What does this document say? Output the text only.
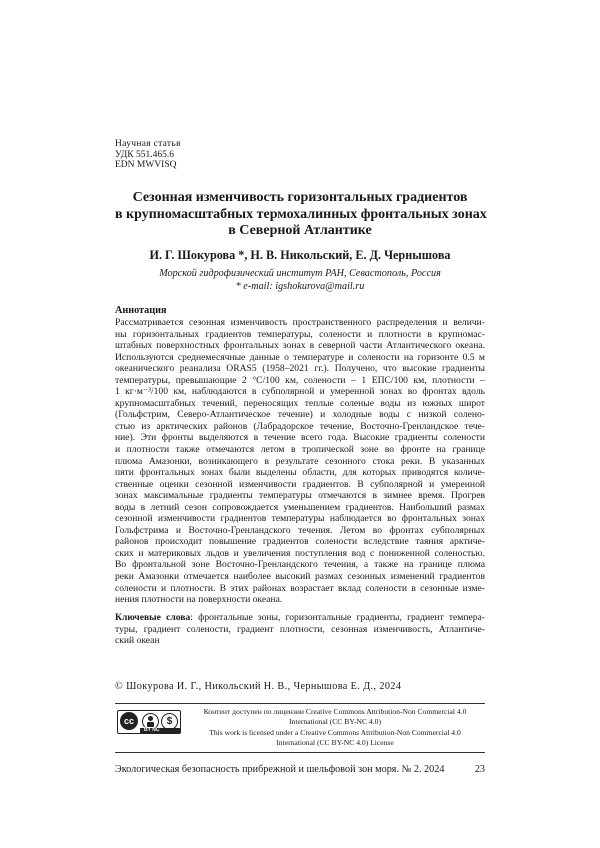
Научная статья
УДК 551.465.6
EDN MWVISQ
Сезонная изменчивость горизонтальных градиентов
в крупномасштабных термохалинных фронтальных зонах
в Северной Атлантике
И. Г. Шокурова *, Н. В. Никольский, Е. Д. Чернышова
Морской гидрофизический институт РАН, Севастополь, Россия
* e-mail: igshokurova@mail.ru
Аннотация
Рассматривается сезонная изменчивость пространственного распределения и величи-
ны горизонтальных градиентов температуры, солености и плотности в крупномас-
штабных поверхностных фронтальных зонах в северной части Атлантического океана.
Используются среднемесячные данные о температуре и солености на горизонте 0.5 м
океанического реанализа ORAS5 (1958–2021 гг.). Получено, что высокие градиенты
температуры, превышающие 2 °С/100 км, солености – 1 ЕПС/100 км, плотности –
1 кг·м⁻³/100 км, наблюдаются в субполярной и умеренной зонах во фронтах вдоль
крупномасштабных течений, переносящих теплые соленые воды из южных широт
(Гольфстрим, Северо-Атлантическое течение) и холодные воды с низкой соленo-
стью из арктических районов (Лабрадорское течение, Восточно-Гренландское тече-
ние). Эти фронты выделяются в течение всего года. Высокие градиенты солености
и плотности также отмечаются летом в тропической зоне во фронте на границе
плюма Амазонки, возникающего в результате сезонного стока реки. В указанных
пяти фронтальных зонах были выделены области, для которых приводятся количе-
ственные оценки сезонной изменчивости градиентов. В субполярной и умеренной
зонах максимальные градиенты температуры отмечаются в зимнее время. Прогрев
воды в летний сезон сопровождается уменьшением градиентов. Наибольший размах
сезонной изменчивости градиентов температуры наблюдается во фронтальных зонах
Гольфстрима и Восточно-Гренландского течения. Летом во фронтах субполярных
районов происходит повышение градиентов солености вследствие таяния арктиче-
ских и материковых льдов и увеличения поступления вод с пониженной соленостью.
Во фронтальной зоне Восточно-Гренландского течения, а также на границе плюма
реки Амазонки отмечается наиболее высокий размах сезонных изменений градиентов
солености и плотности. В этих районах возрастает вклад солености в сезонные изме-
нения плотности на поверхности океана.
Ключевые слова: фронтальные зоны, горизонтальные градиенты, градиент темпера-
туры, градиент солености, градиент плотности, сезонная изменчивость, Атлантиче-
ский океан
© Шокурова И. Г., Никольский Н. В., Чернышова Е. Д., 2024
cc
$
BY NC
Контент доступен по лицензии Creative Commons Attribution-Non Commercial 4.0
International (CC BY-NC 4.0)
This work is licensed under a Creative Commons Attribution-Non Commercial 4.0
International (CC BY-NC 4.0) License
Экологическая безопасность прибрежной и шельфовой зон моря. № 2. 2024	23
